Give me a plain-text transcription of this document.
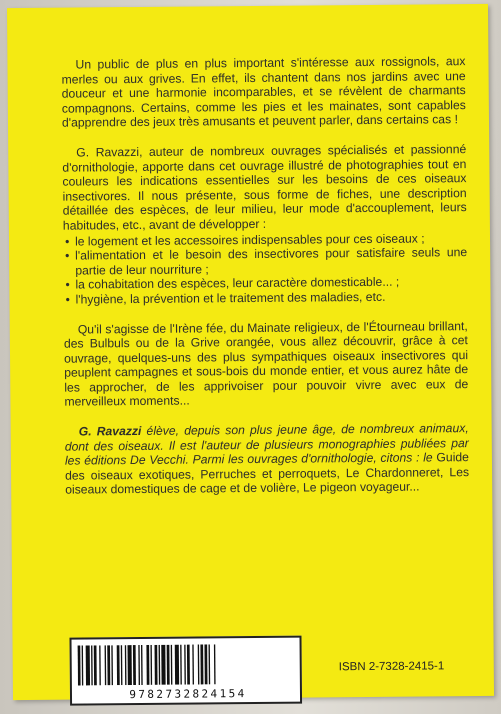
Un public de plus en plus important s'intéresse aux rossignols, aux merles ou aux grives. En effet, ils chantent dans nos jardins avec une douceur et une harmonie incomparables, et se révèlent de charmants compagnons. Certains, comme les pies et les mainates, sont capables d'apprendre des jeux très amusants et peuvent parler, dans certains cas !

G. Ravazzi, auteur de nombreux ouvrages spécialisés et passionné d'ornithologie, apporte dans cet ouvrage illustré de photographies tout en couleurs les indications essentielles sur les besoins de ces oiseaux insectivores. Il nous présente, sous forme de fiches, une description détaillée des espèces, de leur milieu, leur mode d'accouplement, leurs habitudes, etc., avant de développer :

• le logement et les accessoires indispensables pour ces oiseaux ;
• l'alimentation et le besoin des insectivores pour satisfaire seuls une partie de leur nourriture ;
• la cohabitation des espèces, leur caractère domesticable... ;
• l'hygiène, la prévention et le traitement des maladies, etc.

Qu'il s'agisse de l'Irène fée, du Mainate religieux, de l'Étourneau brillant, des Bulbuls ou de la Grive orangée, vous allez découvrir, grâce à cet ouvrage, quelques-uns des plus sympathiques oiseaux insectivores qui peuplent campagnes et sous-bois du monde entier, et vous aurez hâte de les approcher, de les apprivoiser pour pouvoir vivre avec eux de merveilleux moments...

G. Ravazzi élève, depuis son plus jeune âge, de nombreux animaux, dont des oiseaux. Il est l'auteur de plusieurs monographies publiées par les éditions De Vecchi. Parmi les ouvrages d'ornithologie, citons : le Guide des oiseaux exotiques, Perruches et perroquets, Le Chardonneret, Les oiseaux domestiques de cage et de volière, Le pigeon voyageur...

9782732824154
ISBN 2-7328-2415-1
